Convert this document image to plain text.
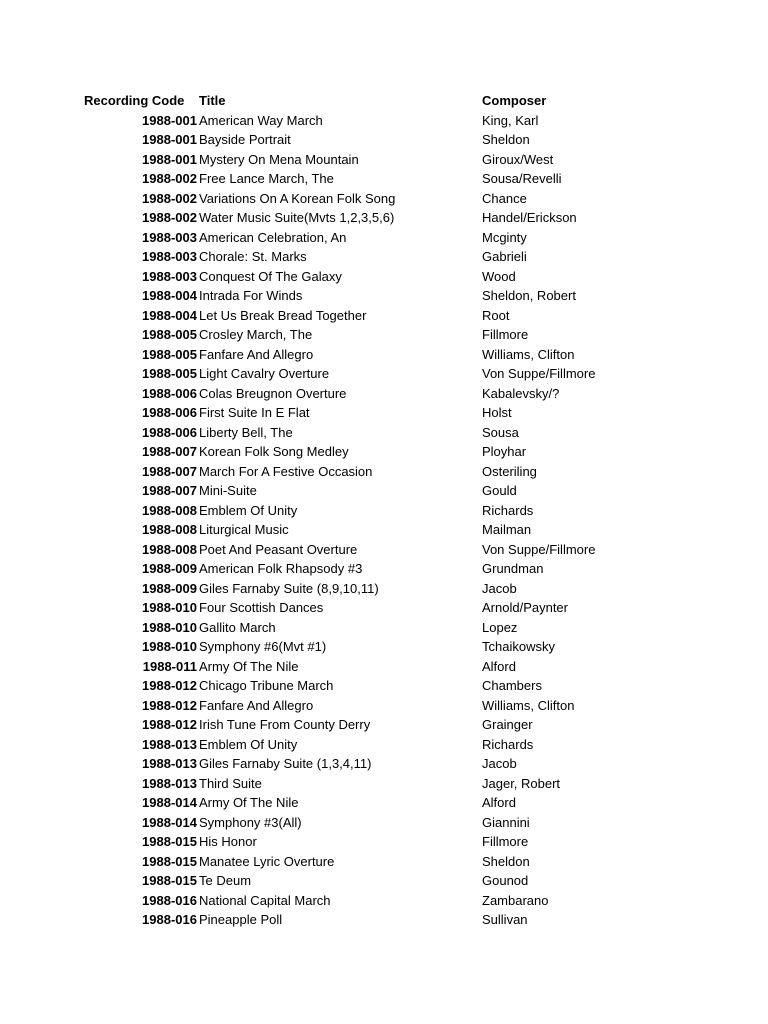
Recording Code Title	Composer
1988-001 American Way March	King, Karl
1988-001 Bayside Portrait	Sheldon
1988-001 Mystery On Mena Mountain	Giroux/West
1988-002 Free Lance March, The	Sousa/Revelli
1988-002 Variations On A Korean Folk Song	Chance
1988-002 Water Music Suite(Mvts 1,2,3,5,6)	Handel/Erickson
1988-003 American Celebration, An	Mcginty
1988-003 Chorale: St. Marks	Gabrieli
1988-003 Conquest Of The Galaxy	Wood
1988-004 Intrada For Winds	Sheldon, Robert
1988-004 Let Us Break Bread Together	Root
1988-005 Crosley March, The	Fillmore
1988-005 Fanfare And Allegro	Williams, Clifton
1988-005 Light Cavalry Overture	Von Suppe/Fillmore
1988-006 Colas Breugnon Overture	Kabalevsky/?
1988-006 First Suite In E Flat	Holst
1988-006 Liberty Bell, The	Sousa
1988-007 Korean Folk Song Medley	Ployhar
1988-007 March For A Festive Occasion	Osteriling
1988-007 Mini-Suite	Gould
1988-008 Emblem Of Unity	Richards
1988-008 Liturgical Music	Mailman
1988-008 Poet And Peasant Overture	Von Suppe/Fillmore
1988-009 American Folk Rhapsody #3	Grundman
1988-009 Giles Farnaby Suite (8,9,10,11)	Jacob
1988-010 Four Scottish Dances	Arnold/Paynter
1988-010 Gallito March	Lopez
1988-010 Symphony #6(Mvt #1)	Tchaikowsky
1988-011 Army Of The Nile	Alford
1988-012 Chicago Tribune March	Chambers
1988-012 Fanfare And Allegro	Williams, Clifton
1988-012 Irish Tune From County Derry	Grainger
1988-013 Emblem Of Unity	Richards
1988-013 Giles Farnaby Suite (1,3,4,11)	Jacob
1988-013 Third Suite	Jager, Robert
1988-014 Army Of The Nile	Alford
1988-014 Symphony #3(All)	Giannini
1988-015 His Honor	Fillmore
1988-015 Manatee Lyric Overture	Sheldon
1988-015 Te Deum	Gounod
1988-016 National Capital March	Zambarano
1988-016 Pineapple Poll	Sullivan
